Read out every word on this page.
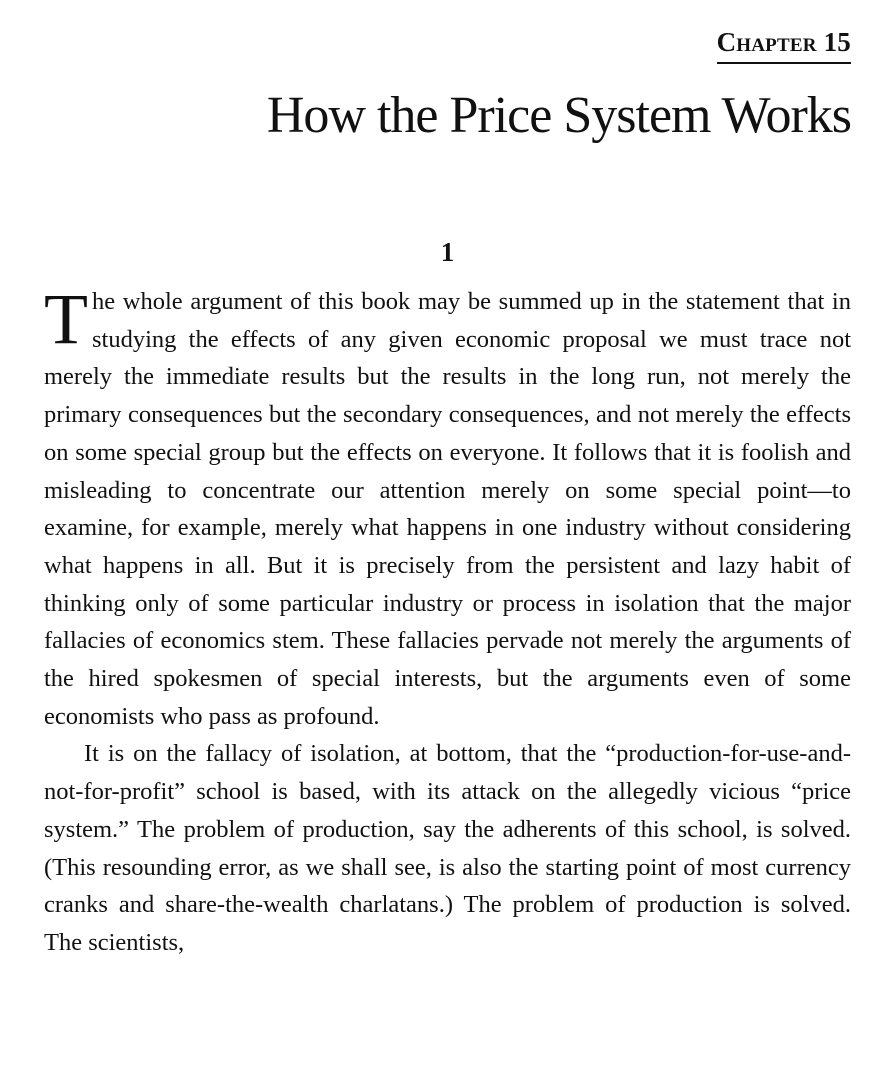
Chapter 15
How the Price System Works
1

The whole argument of this book may be summed up in the statement that in studying the effects of any given economic proposal we must trace not merely the immediate results but the results in the long run, not merely the primary consequences but the secondary consequences, and not merely the effects on some special group but the effects on everyone. It follows that it is foolish and misleading to concentrate our attention merely on some special point—to examine, for example, merely what happens in one industry without considering what happens in all. But it is precisely from the persistent and lazy habit of thinking only of some particular industry or process in isolation that the major fallacies of economics stem. These fallacies pervade not merely the arguments of the hired spokesmen of special interests, but the arguments even of some economists who pass as profound.

It is on the fallacy of isolation, at bottom, that the “production-for-use-and-not-for-profit” school is based, with its attack on the allegedly vicious “price system.” The problem of production, say the adherents of this school, is solved. (This resounding error, as we shall see, is also the starting point of most currency cranks and share-the-wealth charlatans.) The problem of production is solved. The scientists,
